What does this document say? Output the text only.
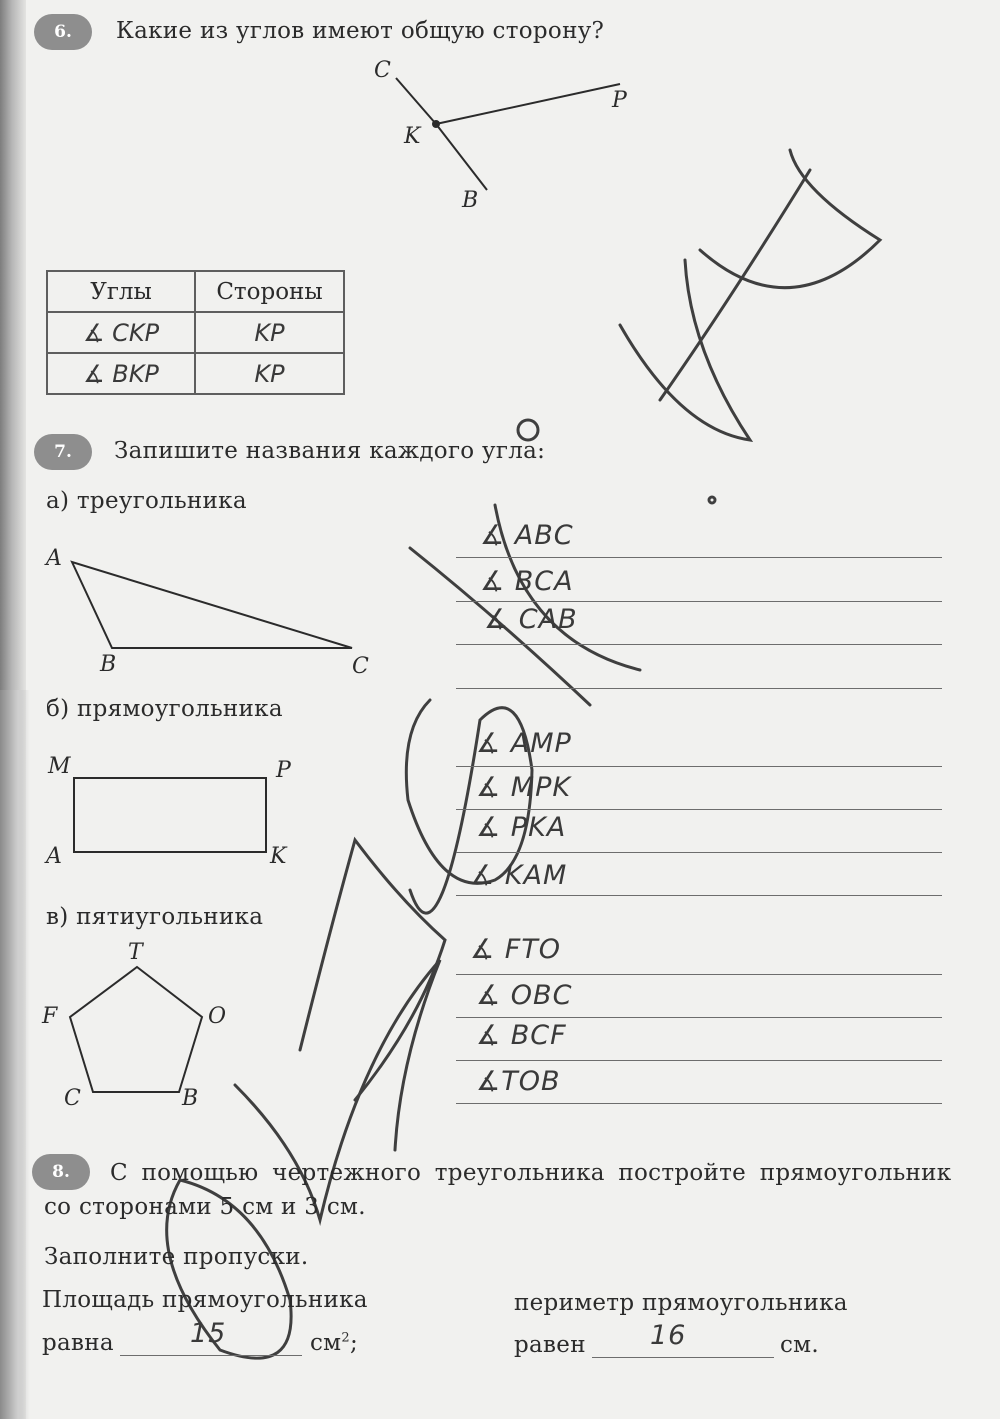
6.	Какие из углов имеют общую сторону?
C
P
K
B
Углы	Стороны
∡ CKP	KP
∡ BKP	KP
7.	Запишите названия каждого угла:
а) треугольника
A
B	C
б) прямоугольника
M	P
A	K
в) пятиугольника
T
F	O
C	B
∡ ABC
∡ BCA
∡ CAB
∡ AMP
∡ MPK
∡ PKA
∡ KAM
∡ FTO
∡ OBC
∡ BCF
∡TOB
8.	С помощью чертежного треугольника постройте прямоугольник
со сторонами 5 см и 3 см.
Заполните пропуски.
Площадь прямоугольника
равна	15	$см^2$;
периметр прямоугольника
равен 16	см.
